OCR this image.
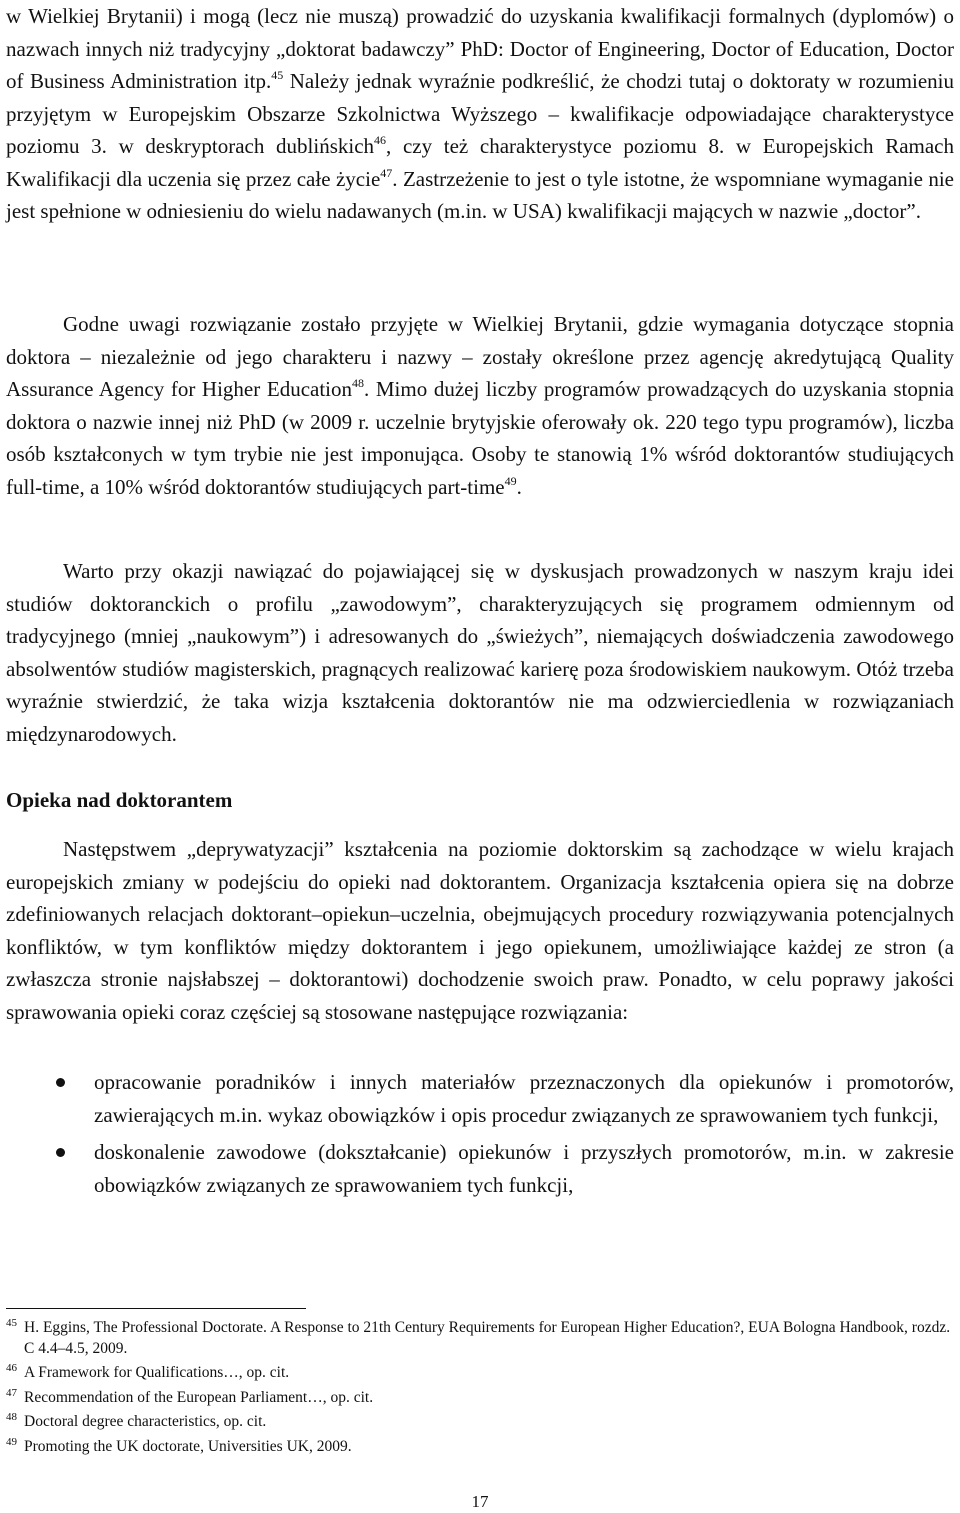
w Wielkiej Brytanii) i mogą (lecz nie muszą) prowadzić do uzyskania kwalifikacji formalnych (dyplomów) o nazwach innych niż tradycyjny „doktorat badawczy” PhD: Doctor of Engineering, Doctor of Education, Doctor of Business Administration itp.$^{45}$ Należy jednak wyraźnie podkreślić, że chodzi tutaj o doktoraty w rozumieniu przyjętym w Europejskim Obszarze Szkolnictwa Wyższego – kwalifikacje odpowiadające charakterystyce poziomu 3. w deskryptorach dublińskich$^{46}$, czy też charakterystyce poziomu 8. w Europejskich Ramach Kwalifikacji dla uczenia się przez całe życie$^{47}$. Zastrzeżenie to jest o tyle istotne, że wspomniane wymaganie nie jest spełnione w odniesieniu do wielu nadawanych (m.in. w USA) kwalifikacji mających w nazwie „doctor”.

Godne uwagi rozwiązanie zostało przyjęte w Wielkiej Brytanii, gdzie wymagania dotyczące stopnia doktora – niezależnie od jego charakteru i nazwy – zostały określone przez agencję akredytującą Quality Assurance Agency for Higher Education$^{48}$. Mimo dużej liczby programów prowadzących do uzyskania stopnia doktora o nazwie innej niż PhD (w 2009 r. uczelnie brytyjskie oferowały ok. 220 tego typu programów), liczba osób kształconych w tym trybie nie jest imponująca. Osoby te stanowią 1% wśród doktorantów studiujących full-time, a 10% wśród doktorantów studiujących part-time$^{49}$.

Warto przy okazji nawiązać do pojawiającej się w dyskusjach prowadzonych w naszym kraju idei studiów doktoranckich o profilu „zawodowym”, charakteryzujących się programem odmiennym od tradycyjnego (mniej „naukowym”) i adresowanych do „świeżych”, niemających doświadczenia zawodowego absolwentów studiów magisterskich, pragnących realizować karierę poza środowiskiem naukowym. Otóż trzeba wyraźnie stwierdzić, że taka wizja kształcenia doktorantów nie ma odzwierciedlenia w rozwiązaniach międzynarodowych.

Opieka nad doktorantem

Następstwem „deprywatyzacji” kształcenia na poziomie doktorskim są zachodzące w wielu krajach europejskich zmiany w podejściu do opieki nad doktorantem. Organizacja kształcenia opiera się na dobrze zdefiniowanych relacjach doktorant–opiekun–uczelnia, obejmujących procedury rozwiązywania potencjalnych konfliktów, w tym konfliktów między doktorantem i jego opiekunem, umożliwiające każdej ze stron (a zwłaszcza stronie najsłabszej – doktorantowi) dochodzenie swoich praw. Ponadto, w celu poprawy jakości sprawowania opieki coraz częściej są stosowane następujące rozwiązania:

opracowanie poradników i innych materiałów przeznaczonych dla opiekunów i promotorów, zawierających m.in. wykaz obowiązków i opis procedur związanych ze sprawowaniem tych funkcji,
doskonalenie zawodowe (dokształcanie) opiekunów i przyszłych promotorów, m.in. w zakresie obowiązków związanych ze sprawowaniem tych funkcji,
45 H. Eggins, The Professional Doctorate. A Response to 21th Century Requirements for European Higher Education?, EUA Bologna Handbook, rozdz. C 4.4–4.5, 2009.
46 A Framework for Qualifications…, op. cit.
47 Recommendation of the European Parliament…, op. cit.
48 Doctoral degree characteristics, op. cit.
49 Promoting the UK doctorate, Universities UK, 2009.

17
